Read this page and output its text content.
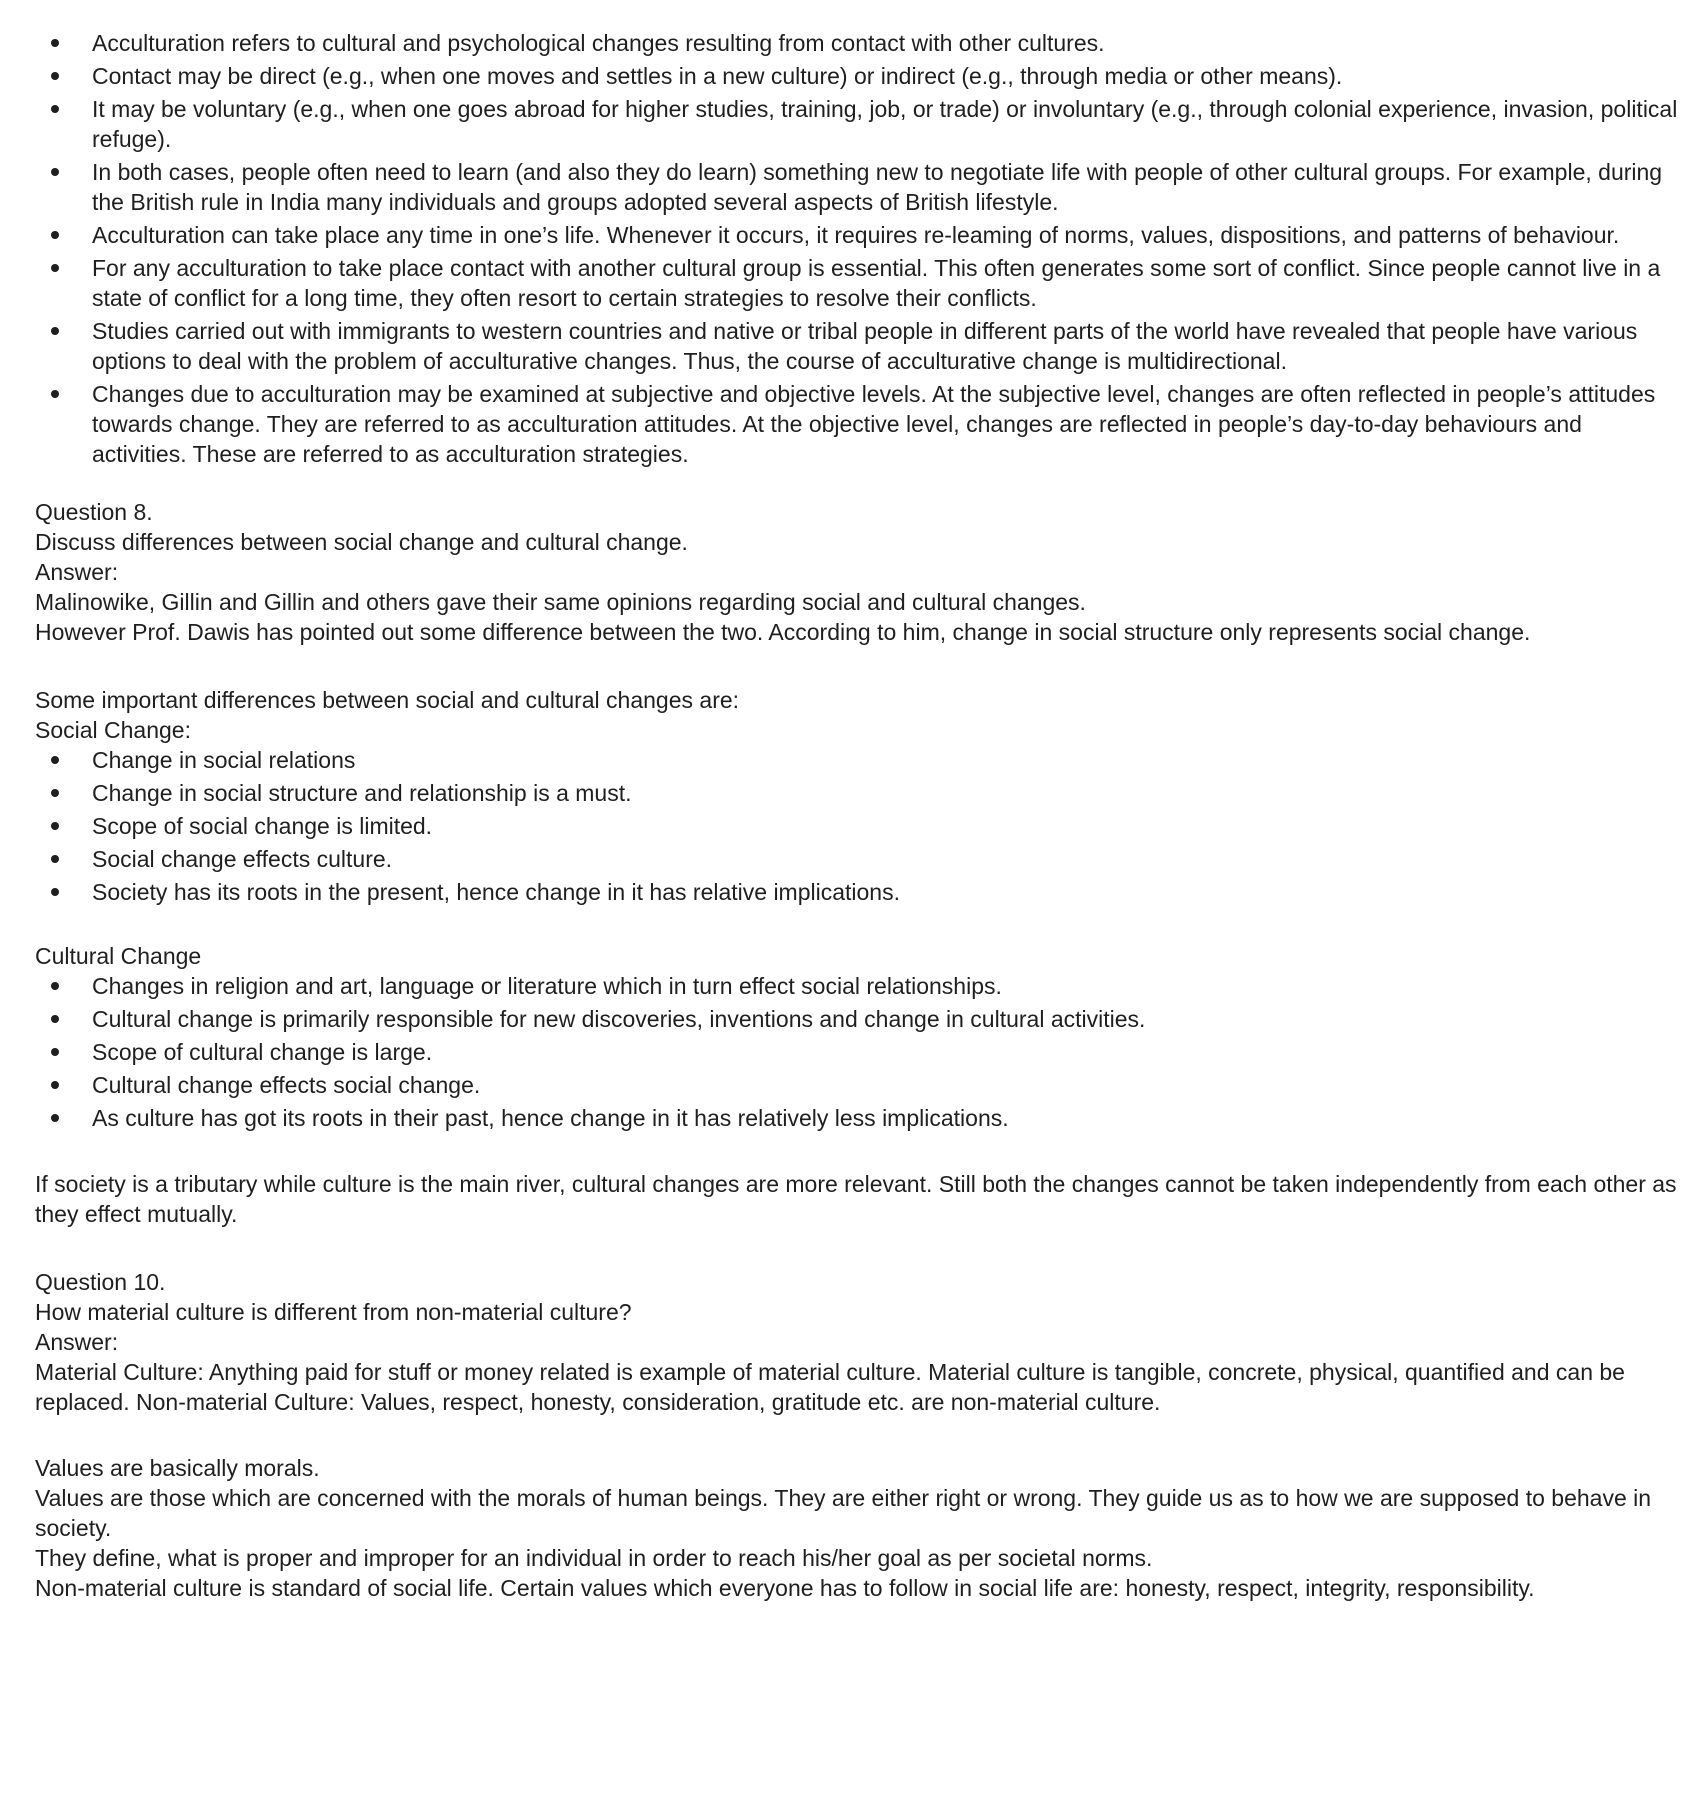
Acculturation refers to cultural and psychological changes resulting from contact with other cultures.
Contact may be direct (e.g., when one moves and settles in a new culture) or indirect (e.g., through media or other means).
It may be voluntary (e.g., when one goes abroad for higher studies, training, job, or trade) or involuntary (e.g., through colonial experience, invasion, political refuge).
In both cases, people often need to learn (and also they do learn) something new to negotiate life with people of other cultural groups. For example, during the British rule in India many individuals and groups adopted several aspects of British lifestyle.
Acculturation can take place any time in one’s life. Whenever it occurs, it requires re-leaming of norms, values, dispositions, and patterns of behaviour.
For any acculturation to take place contact with another cultural group is essential. This often generates some sort of conflict. Since people cannot live in a state of conflict for a long time, they often resort to certain strategies to resolve their conflicts.
Studies carried out with immigrants to western countries and native or tribal people in different parts of the world have revealed that people have various options to deal with the problem of acculturative changes. Thus, the course of acculturative change is multidirectional.
Changes due to acculturation may be examined at subjective and objective levels. At the subjective level, changes are often reflected in people’s attitudes towards change. They are referred to as acculturation attitudes. At the objective level, changes are reflected in people’s day-to-day behaviours and activities. These are referred to as acculturation strategies.

Question 8.

Discuss differences between social change and cultural change.

Answer:

Malinowike, Gillin and Gillin and others gave their same opinions regarding social and cultural changes.

However Prof. Dawis has pointed out some difference between the two. According to him, change in social structure only represents social change.

Some important differences between social and cultural changes are:

Social Change:

Change in social relations
Change in social structure and relationship is a must.
Scope of social change is limited.
Social change effects culture.
Society has its roots in the present, hence change in it has relative implications.

Cultural Change

Changes in religion and art, language or literature which in turn effect social relationships.
Cultural change is primarily responsible for new discoveries, inventions and change in cultural activities.
Scope of cultural change is large.
Cultural change effects social change.
As culture has got its roots in their past, hence change in it has relatively less implications.

If society is a tributary while culture is the main river, cultural changes are more relevant. Still both the changes cannot be taken independently from each other as they effect mutually.

Question 10.

How material culture is different from non-material culture?

Answer:

Material Culture: Anything paid for stuff or money related is example of material culture. Material culture is tangible, concrete, physical, quantified and can be replaced. Non-material Culture: Values, respect, honesty, consideration, gratitude etc. are non-material culture.

Values are basically morals.

Values are those which are concerned with the morals of human beings. They are either right or wrong. They guide us as to how we are supposed to behave in society.

They define, what is proper and improper for an individual in order to reach his/her goal as per societal norms.

Non-material culture is standard of social life. Certain values which everyone has to follow in social life are: honesty, respect, integrity, responsibility.
